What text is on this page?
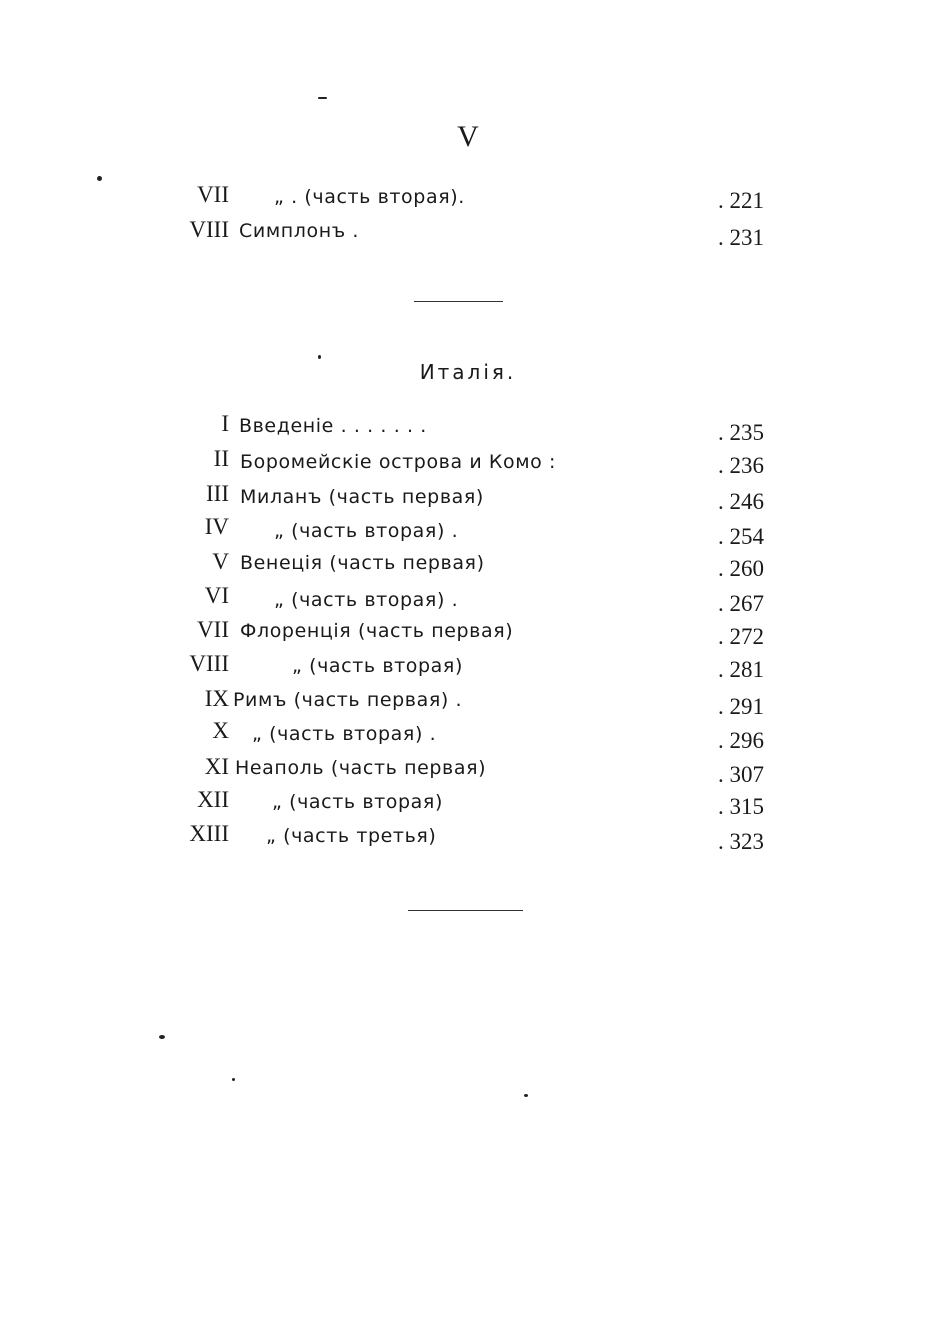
V
VII „ . (часть вторая).	. 221
VIII Симплонъ .	. 231
Италія.
I Введеніе . . . . . . .	. 235
II Боромейскіе острова и Комо :	. 236
III Миланъ (часть первая)	. 246
IV „ (часть вторая) .	. 254
V Венеція (часть первая)	. 260
VI „ (часть вторая) .	. 267
VII Флоренція (часть первая)	. 272
VIII	„ (часть вторая)	. 281
IX Римъ (часть первая) .	. 291
X „ (часть вторая) .	. 296
XI Неаполь (часть первая)	. 307
XII „ (часть вторая)	. 315
XIII „ (часть третья)	. 323
